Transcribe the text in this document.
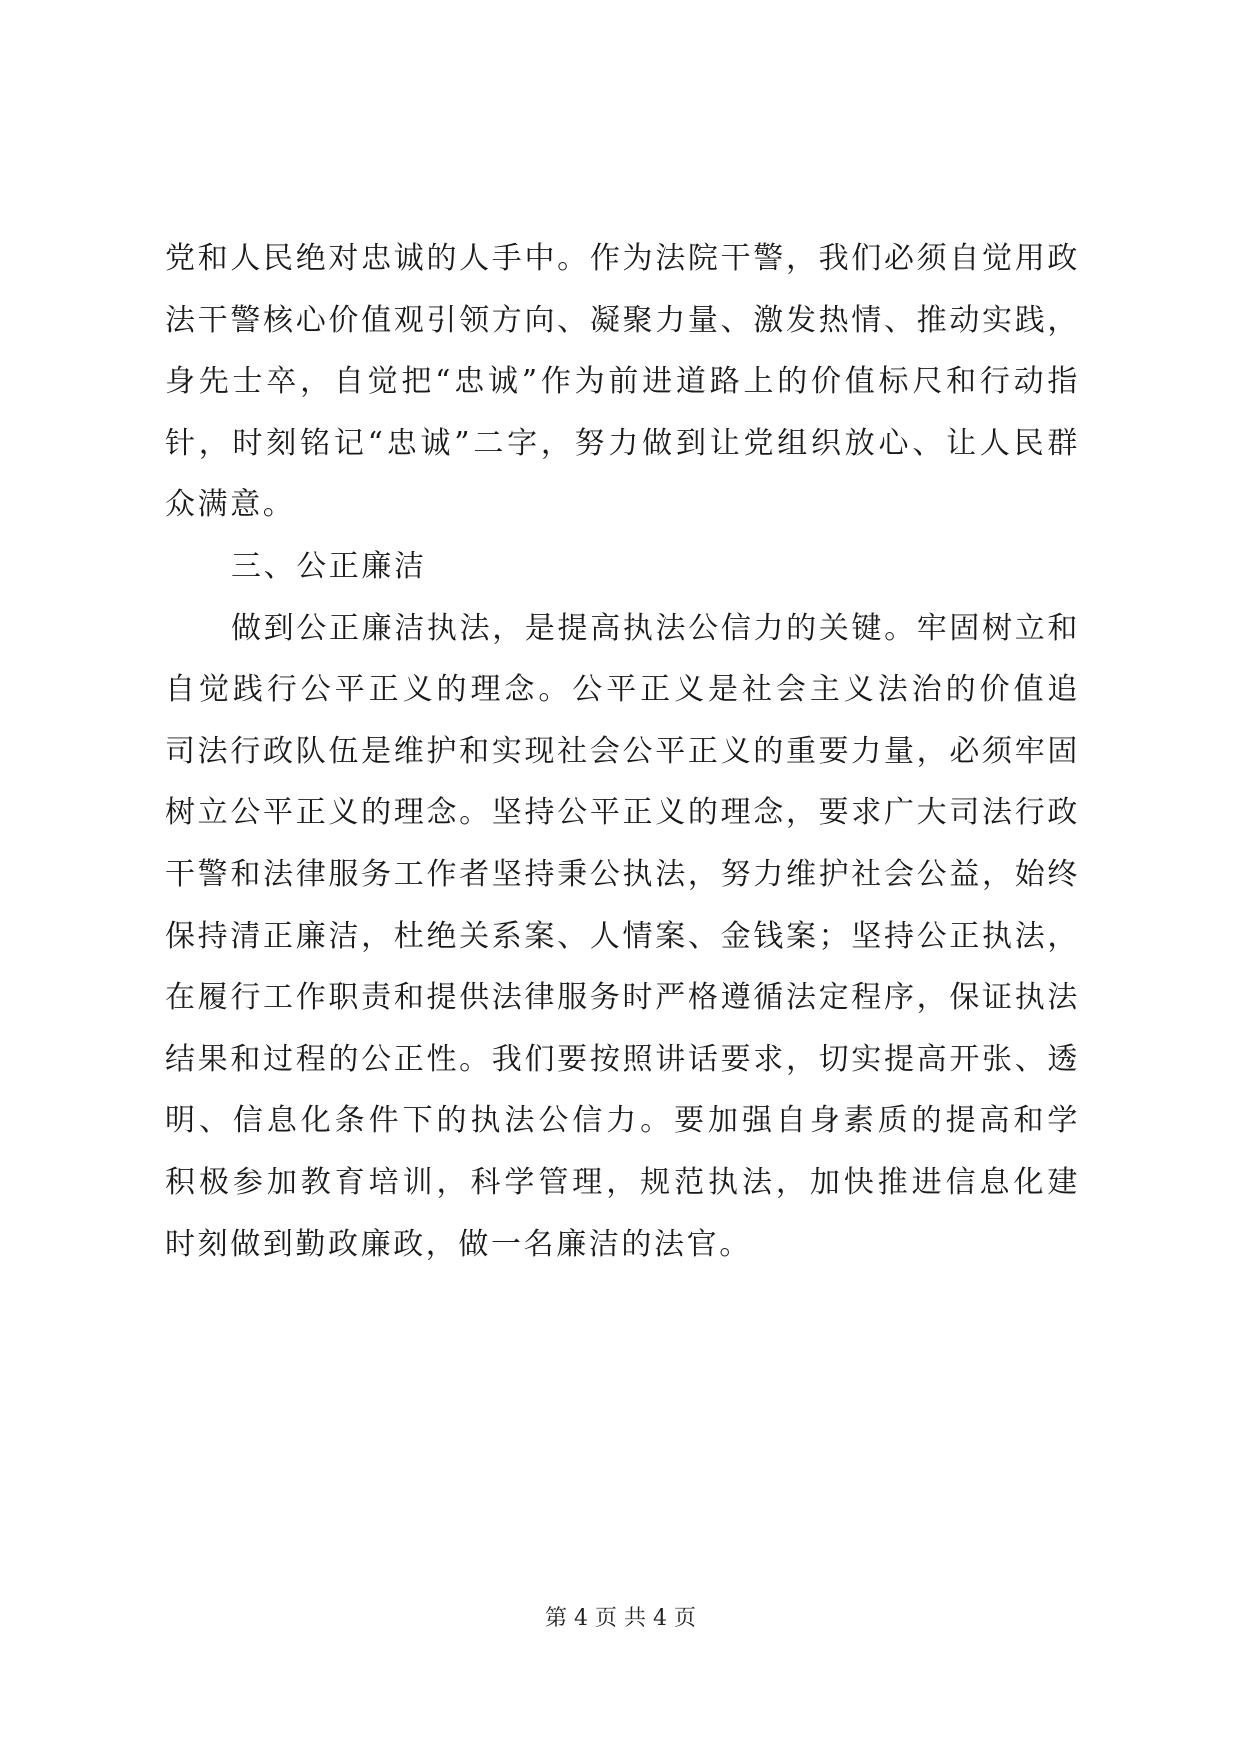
党和人民绝对忠诚的人手中。作为法院干警，我们必须自觉用政
法干警核心价值观引领方向、凝聚力量、激发热情、推动实践，
身先士卒，自觉把“忠诚”作为前进道路上的价值标尺和行动指
针，时刻铭记“忠诚”二字，努力做到让党组织放心、让人民群
众满意。
三、公正廉洁
做到公正廉洁执法，是提高执法公信力的关键。牢固树立和
自觉践行公平正义的理念。公平正义是社会主义法治的价值追
司法行政队伍是维护和实现社会公平正义的重要力量，必须牢固
树立公平正义的理念。坚持公平正义的理念，要求广大司法行政
干警和法律服务工作者坚持秉公执法，努力维护社会公益，始终
保持清正廉洁，杜绝关系案、人情案、金钱案；坚持公正执法，
在履行工作职责和提供法律服务时严格遵循法定程序，保证执法
结果和过程的公正性。我们要按照讲话要求，切实提高开张、透
明、信息化条件下的执法公信力。要加强自身素质的提高和学
积极参加教育培训，科学管理，规范执法，加快推进信息化建
时刻做到勤政廉政，做一名廉洁的法官。
第 4 页 共 4 页
